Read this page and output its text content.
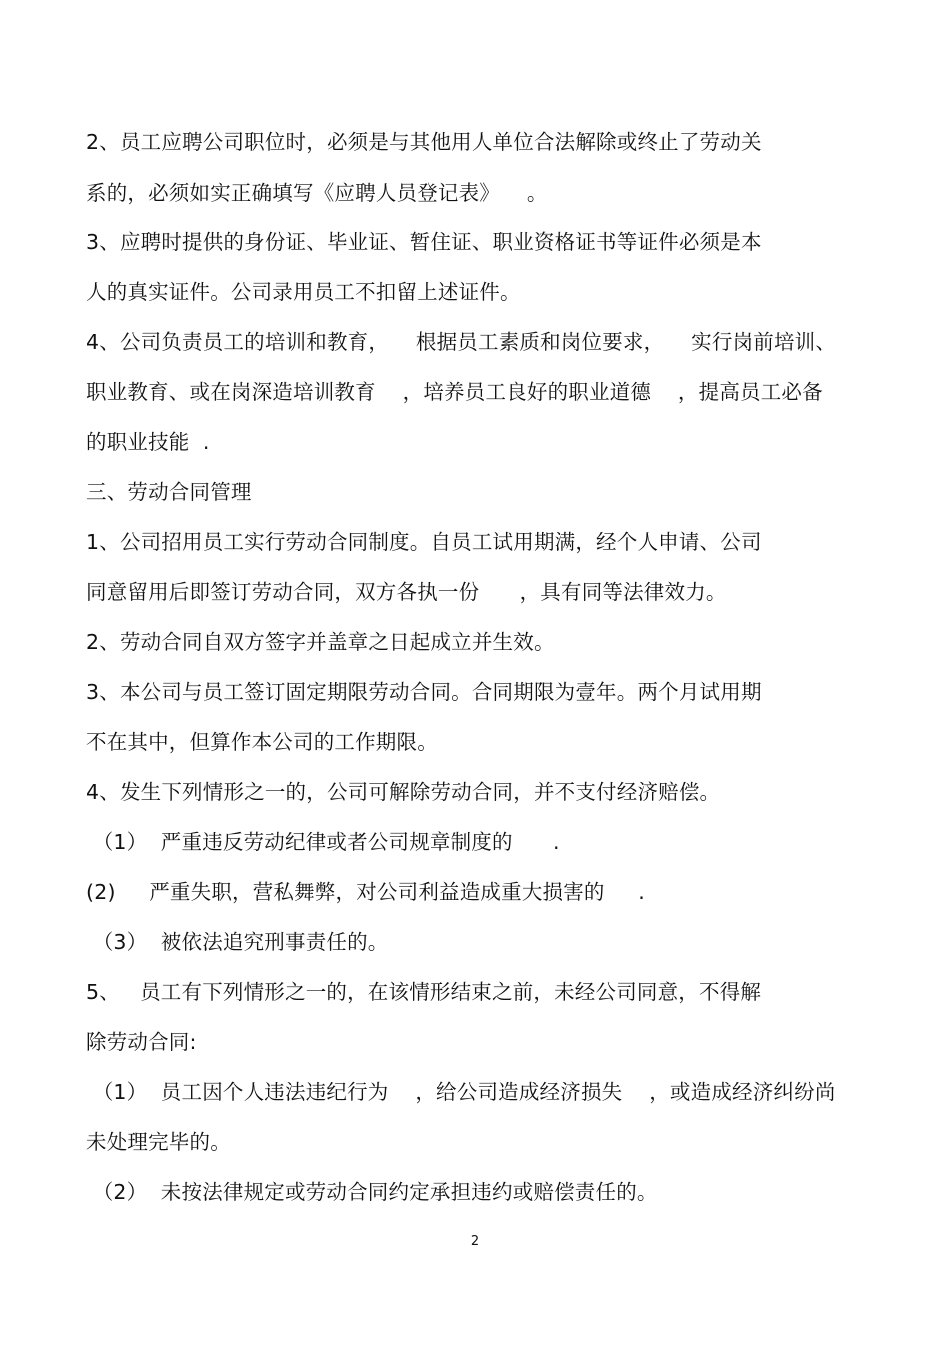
2、员工应聘公司职位时，必须是与其他用人单位合法解除或终止了劳动关
系的，必须如实正确填写《应聘人员登记表》    。
3、应聘时提供的身份证、毕业证、暂住证、职业资格证书等证件必须是本
人的真实证件。公司录用员工不扣留上述证件。
4、公司负责员工的培训和教育，    根据员工素质和岗位要求，    实行岗前培训、
职业教育、或在岗深造培训教育    ，培养员工良好的职业道德    ，提高员工必备
的职业技能  .
三、劳动合同管理
1、公司招用员工实行劳动合同制度。自员工试用期满，经个人申请、公司
同意留用后即签订劳动合同，双方各执一份      ，具有同等法律效力。
2、劳动合同自双方签字并盖章之日起成立并生效。
3、本公司与员工签订固定期限劳动合同。合同期限为壹年。两个月试用期
不在其中，但算作本公司的工作期限。
4、发生下列情形之一的，公司可解除劳动合同，并不支付经济赔偿。
（1）  严重违反劳动纪律或者公司规章制度的      .
(2)     严重失职，营私舞弊，对公司利益造成重大损害的     .
（3）  被依法追究刑事责任的。
5、   员工有下列情形之一的，在该情形结束之前，未经公司同意，不得解
除劳动合同:
（1）  员工因个人违法违纪行为    ，给公司造成经济损失    ，或造成经济纠纷尚
未处理完毕的。
（2）  未按法律规定或劳动合同约定承担违约或赔偿责任的。
2
